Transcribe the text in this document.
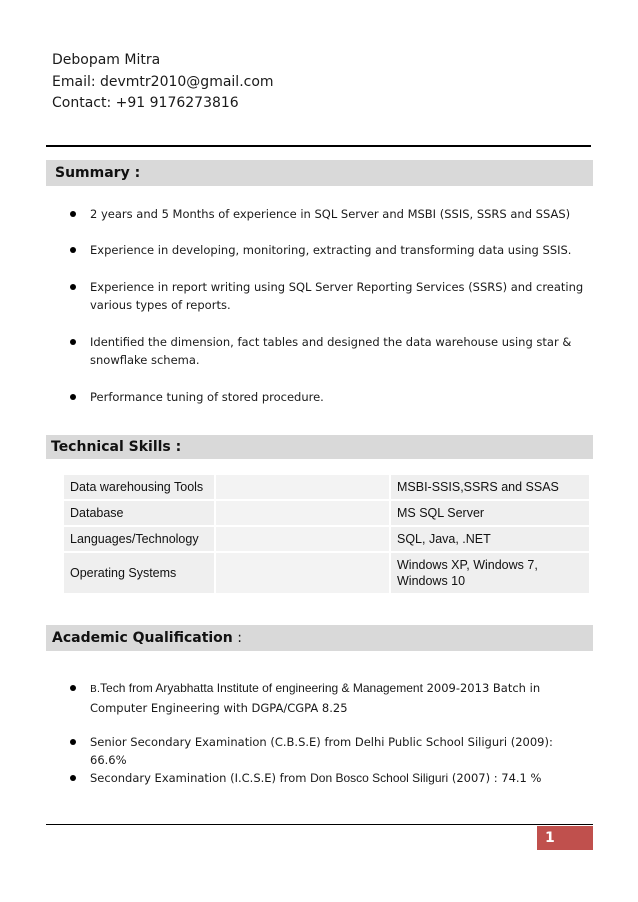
Debopam Mitra
Email: devmtr2010@gmail.com
Contact: +91 9176273816
Summary :
2 years and 5 Months of experience in SQL Server and MSBI (SSIS, SSRS and SSAS)
Experience in developing, monitoring, extracting and transforming data using SSIS.
Experience in report writing using SQL Server Reporting Services (SSRS) and creating various types of reports.
Identified the dimension, fact tables and designed the data warehouse using star & snowflake schema.
Performance tuning of stored procedure.
Technical Skills :
Data warehousing Tools		MSBI-SSIS,SSRS and SSAS
Database		MS SQL Server
Languages/Technology		SQL, Java, .NET
Operating Systems		Windows XP, Windows 7, Windows 10
Academic Qualification :
B.Tech from Aryabhatta Institute of engineering & Management 2009-2013 Batch in Computer Engineering with DGPA/CGPA 8.25
Senior Secondary Examination (C.B.S.E) from Delhi Public School Siliguri (2009): 66.6%
Secondary Examination (I.C.S.E) from Don Bosco School Siliguri (2007) : 74.1 %
1
